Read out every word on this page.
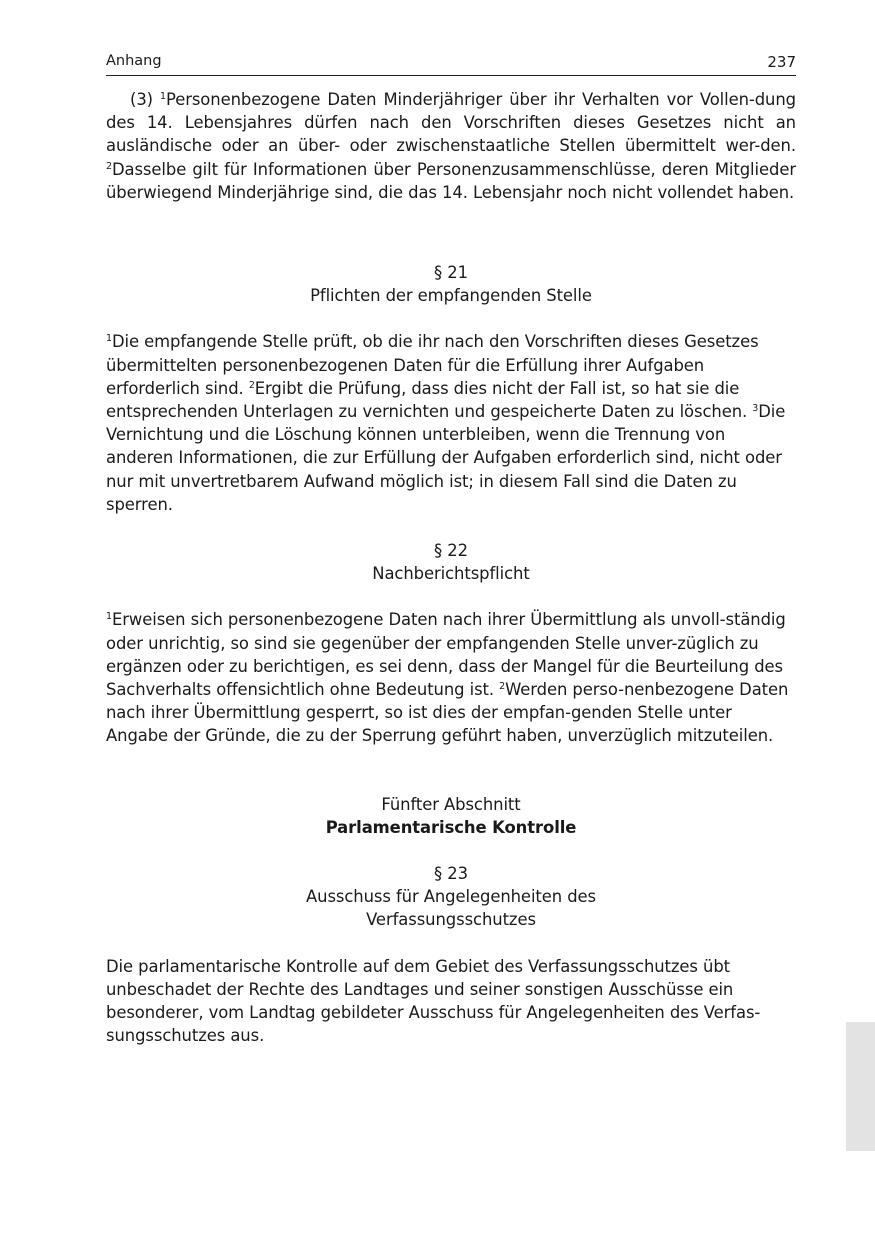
Anhang	237

(3) $^1$Personenbezogene Daten Minderjähriger über ihr Verhalten vor Vollen-dung des 14. Lebensjahres dürfen nach den Vorschriften dieses Gesetzes nicht an ausländische oder an über- oder zwischenstaatliche Stellen übermittelt wer-den. $^2$Dasselbe gilt für Informationen über Personenzusammenschlüsse, deren Mitglieder überwiegend Minderjährige sind, die das 14. Lebensjahr noch nicht vollendet haben.

§ 21

Pflichten der empfangenden Stelle

$^1$Die empfangende Stelle prüft, ob die ihr nach den Vorschriften dieses Gesetzes übermittelten personenbezogenen Daten für die Erfüllung ihrer Aufgaben erforderlich sind. $^2$Ergibt die Prüfung, dass dies nicht der Fall ist, so hat sie die entsprechenden Unterlagen zu vernichten und gespeicherte Daten zu löschen. $^3$Die Vernichtung und die Löschung können unterbleiben, wenn die Trennung von anderen Informationen, die zur Erfüllung der Aufgaben erforderlich sind, nicht oder nur mit unvertretbarem Aufwand möglich ist; in diesem Fall sind die Daten zu sperren.

§ 22

Nachberichtspflicht

$^1$Erweisen sich personenbezogene Daten nach ihrer Übermittlung als unvoll-ständig oder unrichtig, so sind sie gegenüber der empfangenden Stelle unver-züglich zu ergänzen oder zu berichtigen, es sei denn, dass der Mangel für die Beurteilung des Sachverhalts offensichtlich ohne Bedeutung ist. $^2$Werden perso-nenbezogene Daten nach ihrer Übermittlung gesperrt, so ist dies der empfan-genden Stelle unter Angabe der Gründe, die zu der Sperrung geführt haben, unverzüglich mitzuteilen.

Fünfter Abschnitt

Parlamentarische Kontrolle

§ 23

Ausschuss für Angelegenheiten des

Verfassungsschutzes

Die parlamentarische Kontrolle auf dem Gebiet des Verfassungsschutzes übt unbeschadet der Rechte des Landtages und seiner sonstigen Ausschüsse ein besonderer, vom Landtag gebildeter Ausschuss für Angelegenheiten des Verfas-sungsschutzes aus.
